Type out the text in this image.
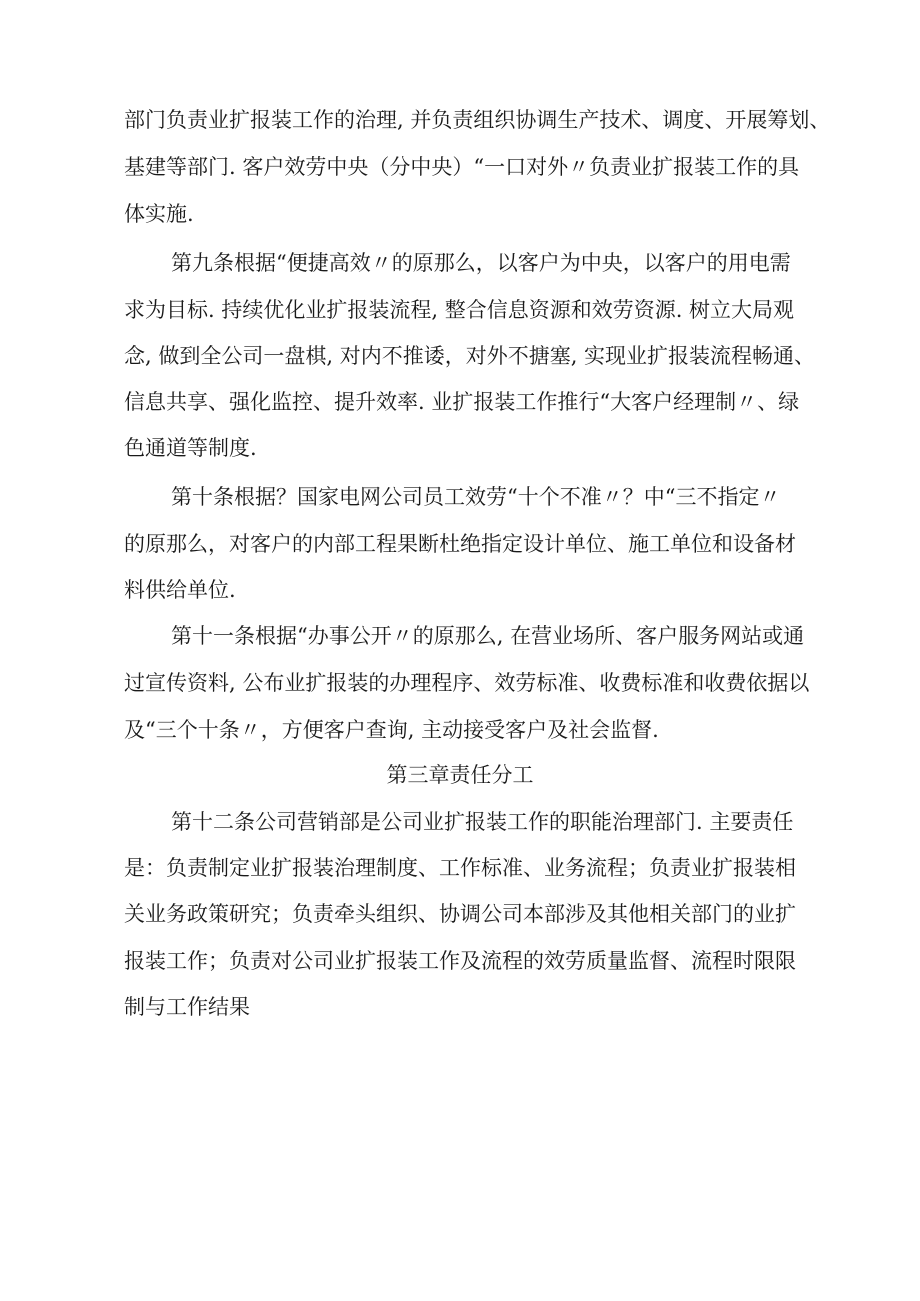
部门负责业扩报装工作的治理, 并负责组织协调生产技术、调度、开展筹划、
基建等部门. 客户效劳中央（分中央）“一口对外〃负责业扩报装工作的具
体实施.
第九条根据“便捷高效〃的原那么，以客户为中央，以客户的用电需
求为目标. 持续优化业扩报装流程, 整合信息资源和效劳资源. 树立大局观
念, 做到全公司一盘棋, 对内不推诿，对外不搪塞, 实现业扩报装流程畅通、
信息共享、强化监控、提升效率. 业扩报装工作推行“大客户经理制〃、绿
色通道等制度.
第十条根据？国家电网公司员工效劳“十个不准〃？中“三不指定〃
的原那么，对客户的内部工程果断杜绝指定设计单位、施工单位和设备材
料供给单位.
第十一条根据“办事公开〃的原那么, 在营业场所、客户服务网站或通
过宣传资料, 公布业扩报装的办理程序、效劳标准、收费标准和收费依据以
及“三个十条〃，方便客户查询, 主动接受客户及社会监督.
第三章责任分工
第十二条公司营销部是公司业扩报装工作的职能治理部门. 主要责任
是：负责制定业扩报装治理制度、工作标准、业务流程；负责业扩报装相
关业务政策研究；负责牵头组织、协调公司本部涉及其他相关部门的业扩
报装工作；负责对公司业扩报装工作及流程的效劳质量监督、流程时限限
制与工作结果
